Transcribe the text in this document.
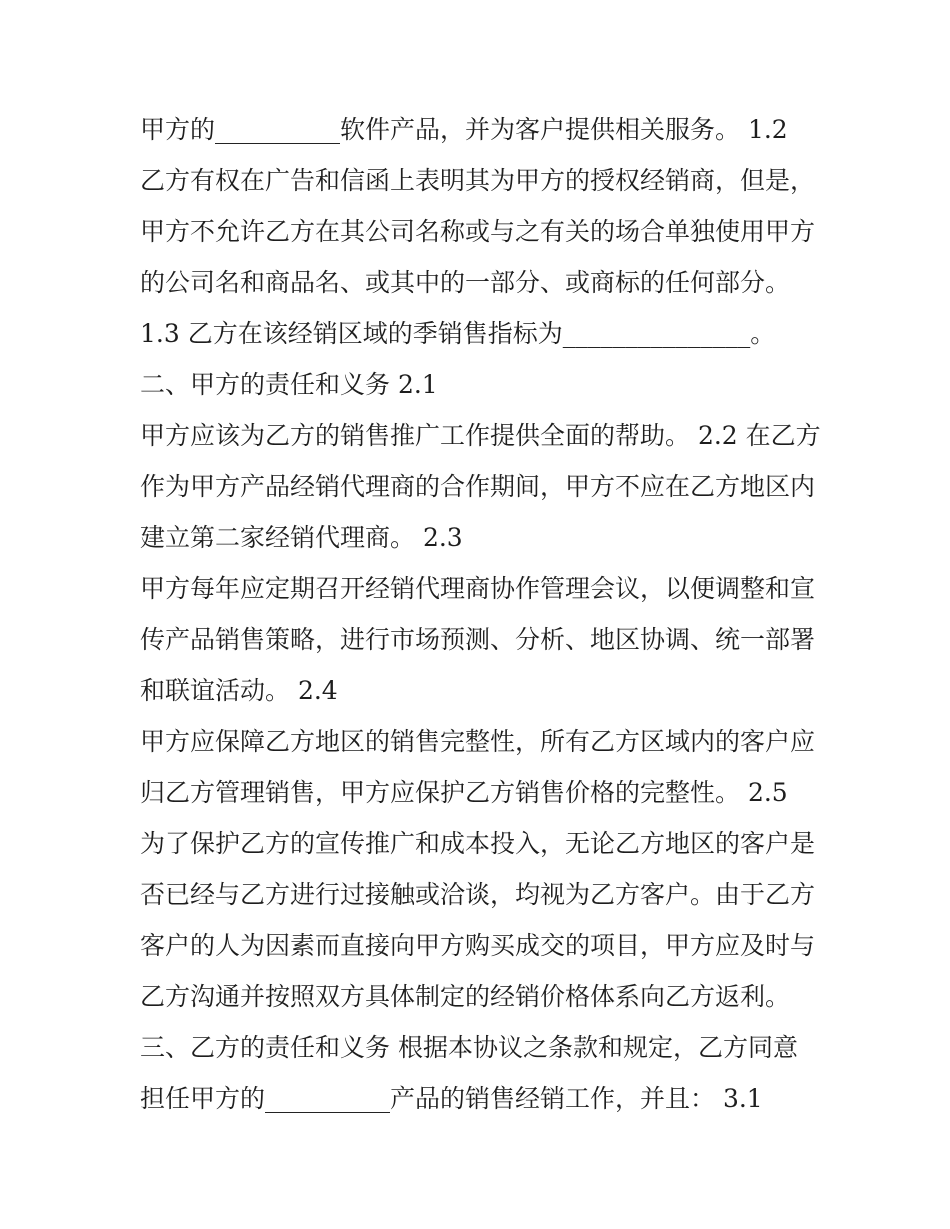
甲方的__________软件产品，并为客户提供相关服务。 1.2
乙方有权在广告和信函上表明其为甲方的授权经销商，但是，
甲方不允许乙方在其公司名称或与之有关的场合单独使用甲方
的公司名和商品名、或其中的一部分、或商标的任何部分。
1.3 乙方在该经销区域的季销售指标为_______________。
二、甲方的责任和义务 2.1
甲方应该为乙方的销售推广工作提供全面的帮助。 2.2 在乙方
作为甲方产品经销代理商的合作期间，甲方不应在乙方地区内
建立第二家经销代理商。 2.3
甲方每年应定期召开经销代理商协作管理会议，以便调整和宣
传产品销售策略，进行市场预测、分析、地区协调、统一部署
和联谊活动。 2.4
甲方应保障乙方地区的销售完整性，所有乙方区域内的客户应
归乙方管理销售，甲方应保护乙方销售价格的完整性。 2.5
为了保护乙方的宣传推广和成本投入，无论乙方地区的客户是
否已经与乙方进行过接触或洽谈，均视为乙方客户。由于乙方
客户的人为因素而直接向甲方购买成交的项目，甲方应及时与
乙方沟通并按照双方具体制定的经销价格体系向乙方返利。
三、乙方的责任和义务 根据本协议之条款和规定，乙方同意
担任甲方的__________产品的销售经销工作，并且： 3.1
